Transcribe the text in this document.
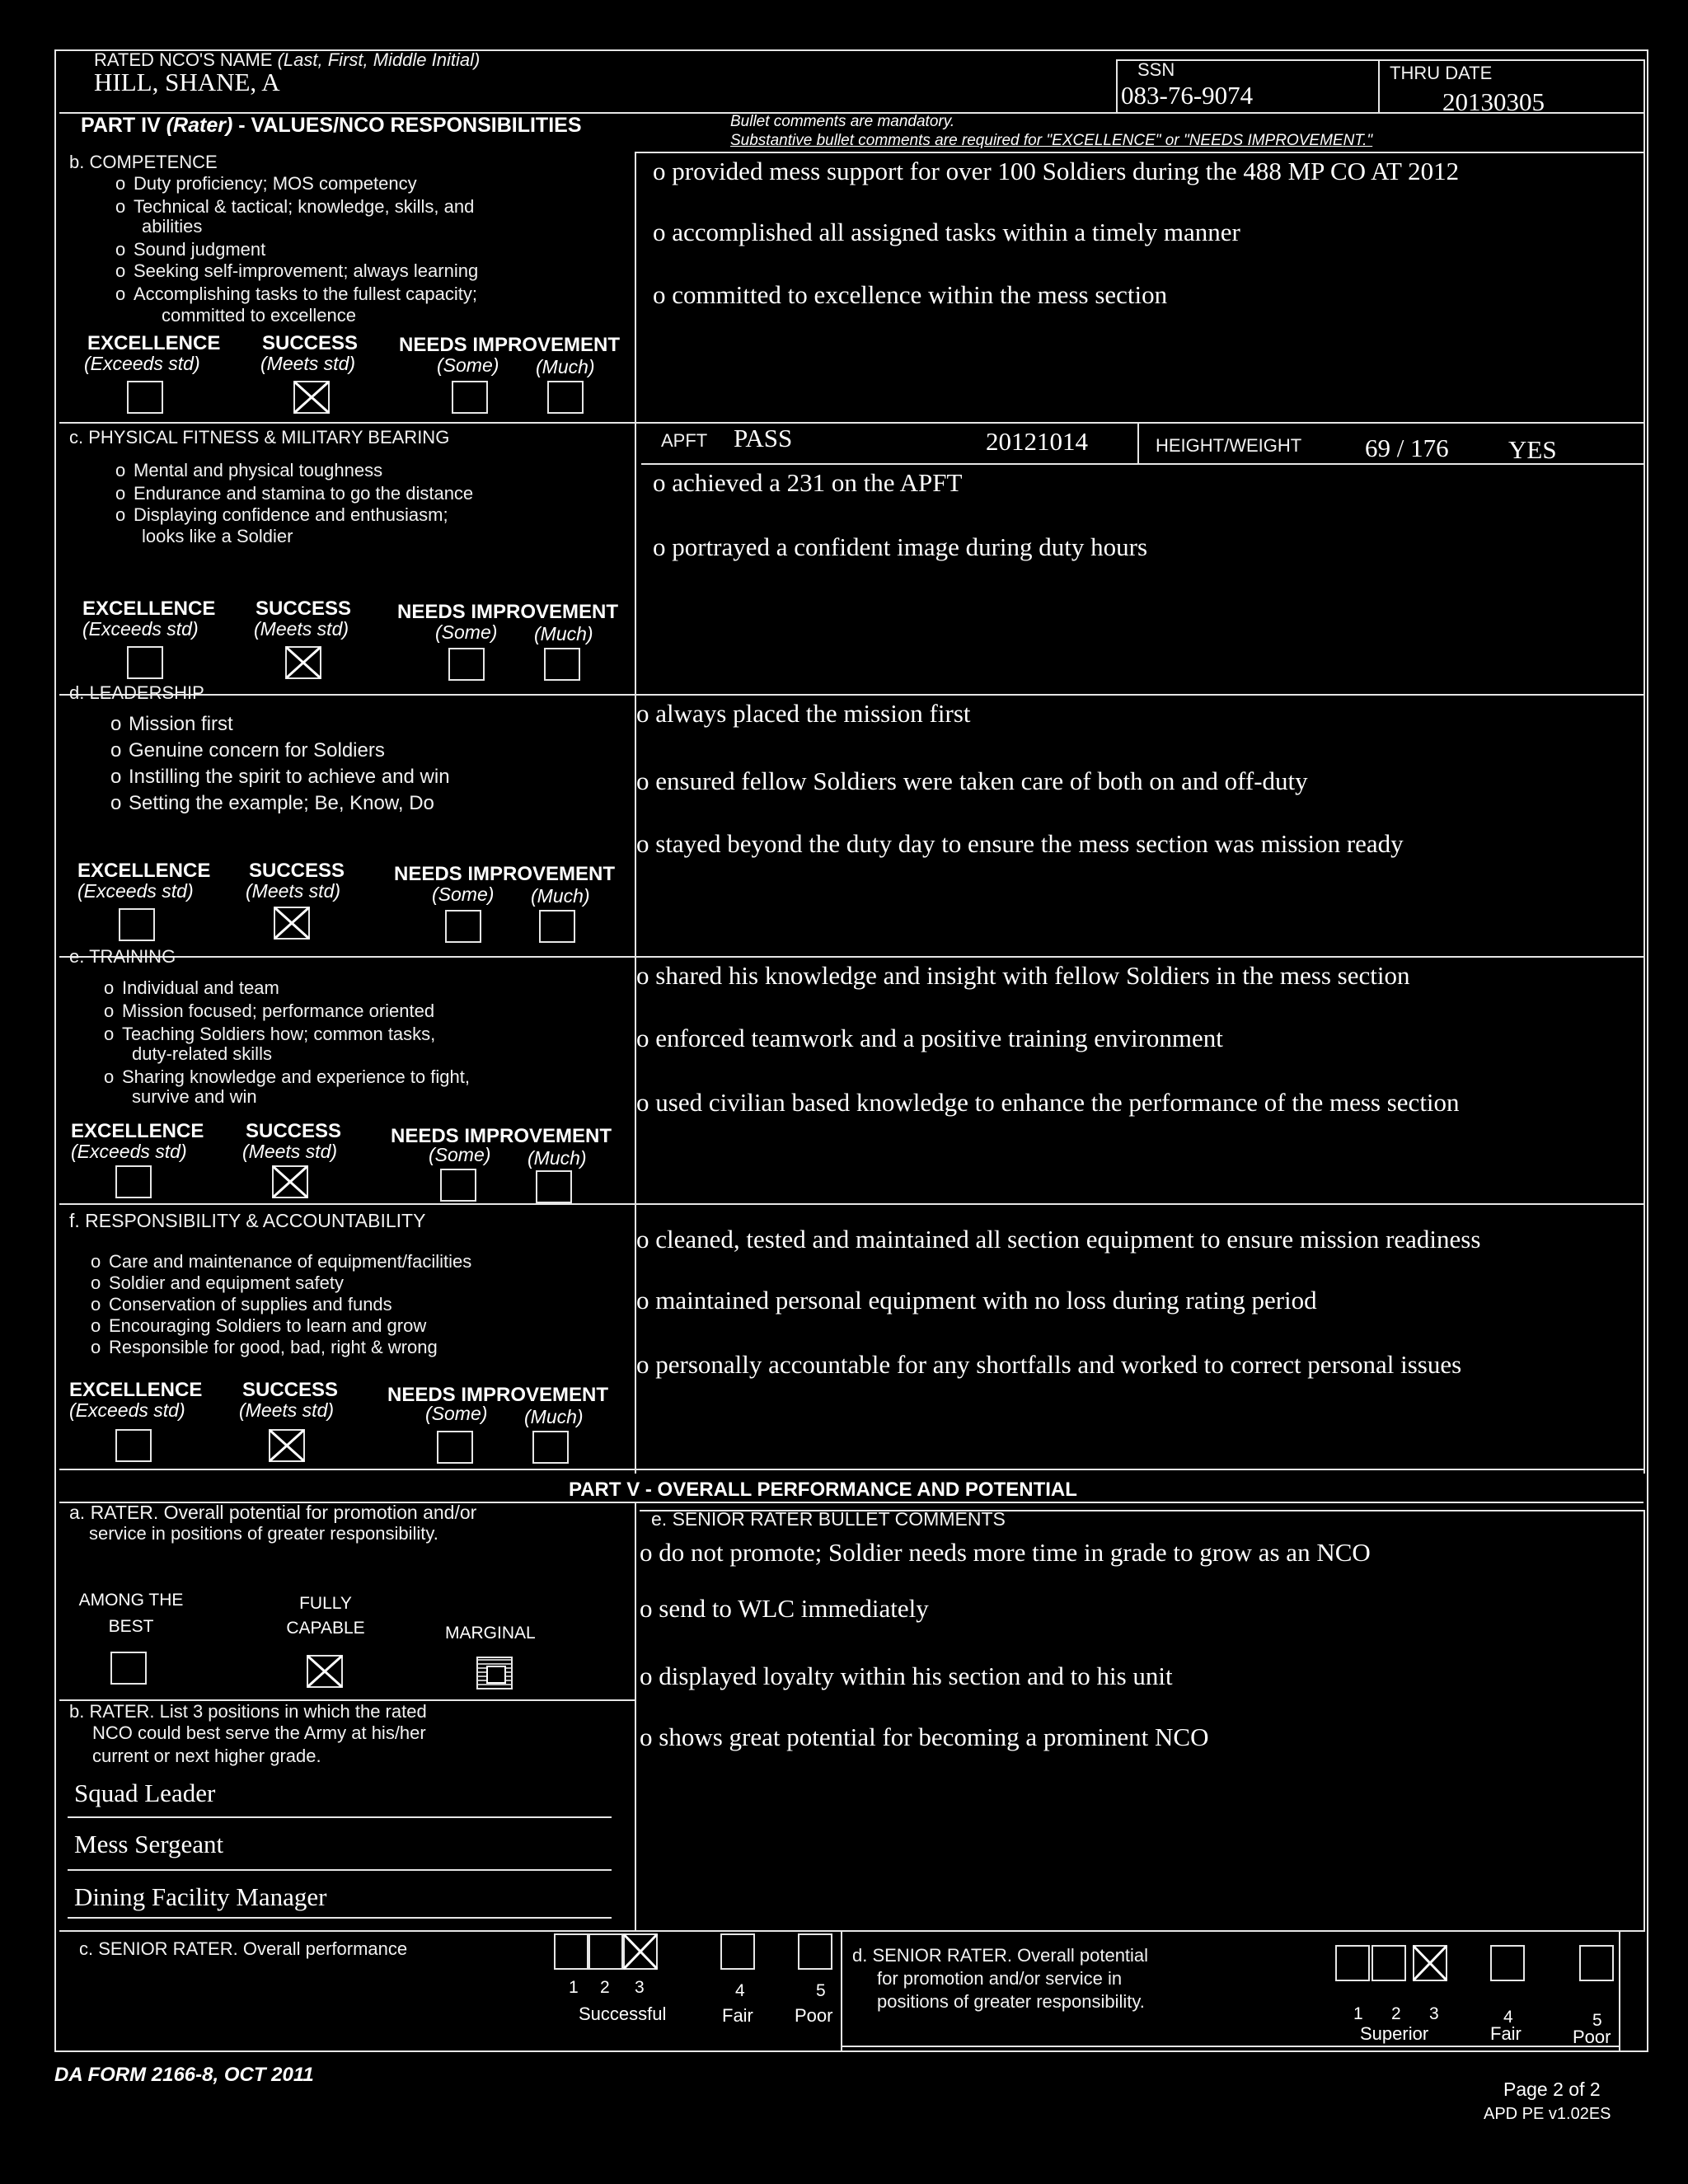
RATED NCO'S NAME (Last, First, Middle Initial)
HILL, SHANE, A	SSN
083-76-9074
THRU DATE
20130305
PART IV (Rater) - VALUES/NCO RESPONSIBILITIES	Bullet comments are mandatory.
Substantive bullet comments are required for "EXCELLENCE" or "NEEDS IMPROVEMENT."
b. COMPETENCE
o Duty proficiency; MOS competency
o Technical & tactical; knowledge, skills, and
abilities
o Sound judgment
o Seeking self-improvement; always learning
o Accomplishing tasks to the fullest capacity;
committed to excellence
EXCELLENCE
(Exceeds std)
SUCCESS
(Meets std)
NEEDS IMPROVEMENT
(Some) (Much)
o provided mess support for over 100 Soldiers during the 488 MP CO AT 2012
o accomplished all assigned tasks within a timely manner
o committed to excellence within the mess section
c. PHYSICAL FITNESS & MILITARY BEARING
o Mental and physical toughness
o Endurance and stamina to go the distance
o Displaying confidence and enthusiasm;
looks like a Soldier
EXCELLENCE
(Exceeds std)
SUCCESS
(Meets std)
NEEDS IMPROVEMENT
(Some) (Much)
APFT PASS	20121014	HEIGHT/WEIGHT 69 / 176 YES
o achieved a 231 on the APFT
o portrayed a confident image during duty hours
d. LEADERSHIP
o Mission first
o Genuine concern for Soldiers
o Instilling the spirit to achieve and win
o Setting the example; Be, Know, Do
EXCELLENCE
(Exceeds std)
SUCCESS
(Meets std)
NEEDS IMPROVEMENT
(Some) (Much)
o always placed the mission first
o ensured fellow Soldiers were taken care of both on and off-duty
o stayed beyond the duty day to ensure the mess section was mission ready
e. TRAINING
o Individual and team
o Mission focused; performance oriented
o Teaching Soldiers how; common tasks,
duty-related skills
o Sharing knowledge and experience to fight,
survive and win
EXCELLENCE
(Exceeds std)
SUCCESS
(Meets std)
NEEDS IMPROVEMENT
(Some) (Much)
o shared his knowledge and insight with fellow Soldiers in the mess section
o enforced teamwork and a positive training environment
o used civilian based knowledge to enhance the performance of the mess section
f. RESPONSIBILITY & ACCOUNTABILITY
o Care and maintenance of equipment/facilities
o Soldier and equipment safety
o Conservation of supplies and funds
o Encouraging Soldiers to learn and grow
o Responsible for good, bad, right & wrong
EXCELLENCE
(Exceeds std)
SUCCESS
(Meets std)
NEEDS IMPROVEMENT
(Some) (Much)
o cleaned, tested and maintained all section equipment to ensure mission readiness
o maintained personal equipment with no loss during rating period
o personally accountable for any shortfalls and worked to correct personal issues
PART V - OVERALL PERFORMANCE AND POTENTIAL
a. RATER. Overall potential for promotion and/or
service in positions of greater responsibility.
AMONG THE
BEST
FULLY
CAPABLE	MARGINAL
b. RATER. List 3 positions in which the rated
NCO could best serve the Army at his/her
current or next higher grade.
Squad Leader
Mess Sergeant
Dining Facility Manager
e. SENIOR RATER BULLET COMMENTS
o do not promote; Soldier needs more time in grade to grow as an NCO
o send to WLC immediately
o displayed loyalty within his section and to his unit
o shows great potential for becoming a prominent NCO
c. SENIOR RATER. Overall performance
1 2 3	4	5
Successful	Fair Poor
d. SENIOR RATER. Overall potential
for promotion and/or service in
positions of greater responsibility.
1 2 3	4	5
Superior	Fair	Poor
DA FORM 2166-8, OCT 2011
Page 2 of 2
APD PE v1.02ES
